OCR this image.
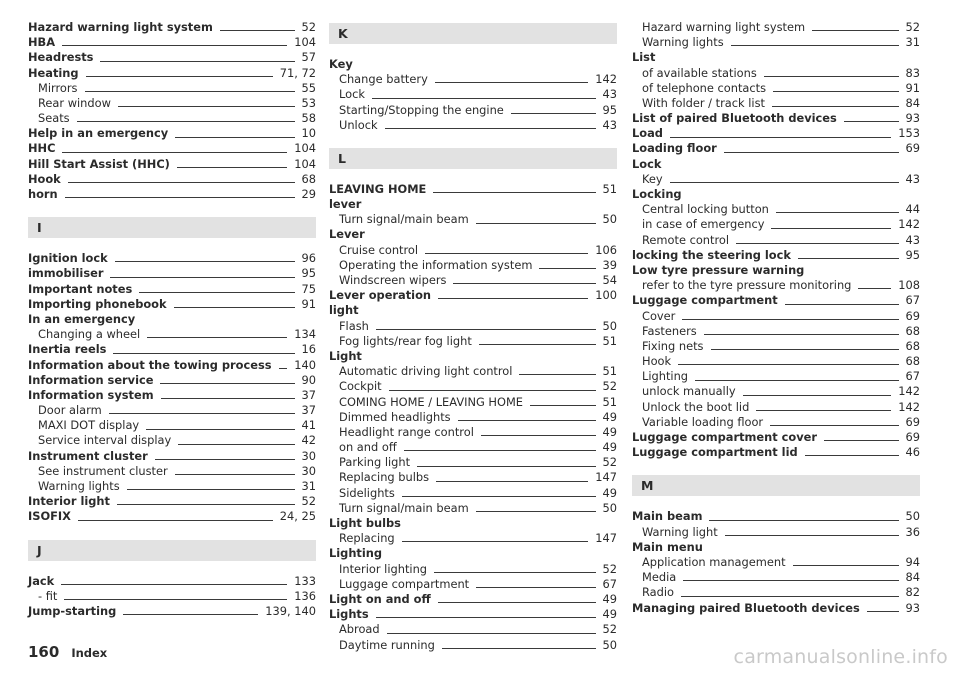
Hazard warning light system	52
HBA	104
Headrests	57
Heating	71, 72
Mirrors	55
Rear window	53
Seats	58
Help in an emergency	10
HHC	104
Hill Start Assist (HHC)	104
Hook	68
horn	29
I
Ignition lock	96
immobiliser	95
Important notes	75
Importing phonebook	91
In an emergency
Changing a wheel	134
Inertia reels	16
Information about the towing process 140
Information service	90
Information system	37
Door alarm	37
MAXI DOT display	41
Service interval display	42
Instrument cluster	30
See instrument cluster	30
Warning lights	31
Interior light	52
ISOFIX	24, 25
J
Jack	133
- fit	136
Jump-starting	139, 140
K
Key
Change battery	142
Lock	43
Starting/Stopping the engine	95
Unlock	43
L
LEAVING HOME	51
lever
Turn signal/main beam	50
Lever
Cruise control	106
Operating the information system	39
Windscreen wipers	54
Lever operation	100
light
Flash	50
Fog lights/rear fog light	51
Light
Automatic driving light control	51
Cockpit	52
COMING HOME / LEAVING HOME	51
Dimmed headlights	49
Headlight range control	49
on and off	49
Parking light	52
Replacing bulbs	147
Sidelights	49
Turn signal/main beam	50
Light bulbs
Replacing	147
Lighting
Interior lighting	52
Luggage compartment	67
Light on and off	49
Lights	49
Abroad	52
Daytime running	50
Hazard warning light system	52
Warning lights	31
List
of available stations	83
of telephone contacts	91
With folder / track list	84
List of paired Bluetooth devices	93
Load	153
Loading floor	69
Lock
Key	43
Locking
Central locking button	44
in case of emergency	142
Remote control	43
locking the steering lock	95
Low tyre pressure warning
refer to the tyre pressure monitoring	108
Luggage compartment	67
Cover	69
Fasteners	68
Fixing nets	68
Hook	68
Lighting	67
unlock manually	142
Unlock the boot lid	142
Variable loading floor	69
Luggage compartment cover	69
Luggage compartment lid	46
M
Main beam	50
Warning light	36
Main menu
Application management	94
Media	84
Radio	82
Managing paired Bluetooth devices	93
160 Index	carmanualsonline.info
